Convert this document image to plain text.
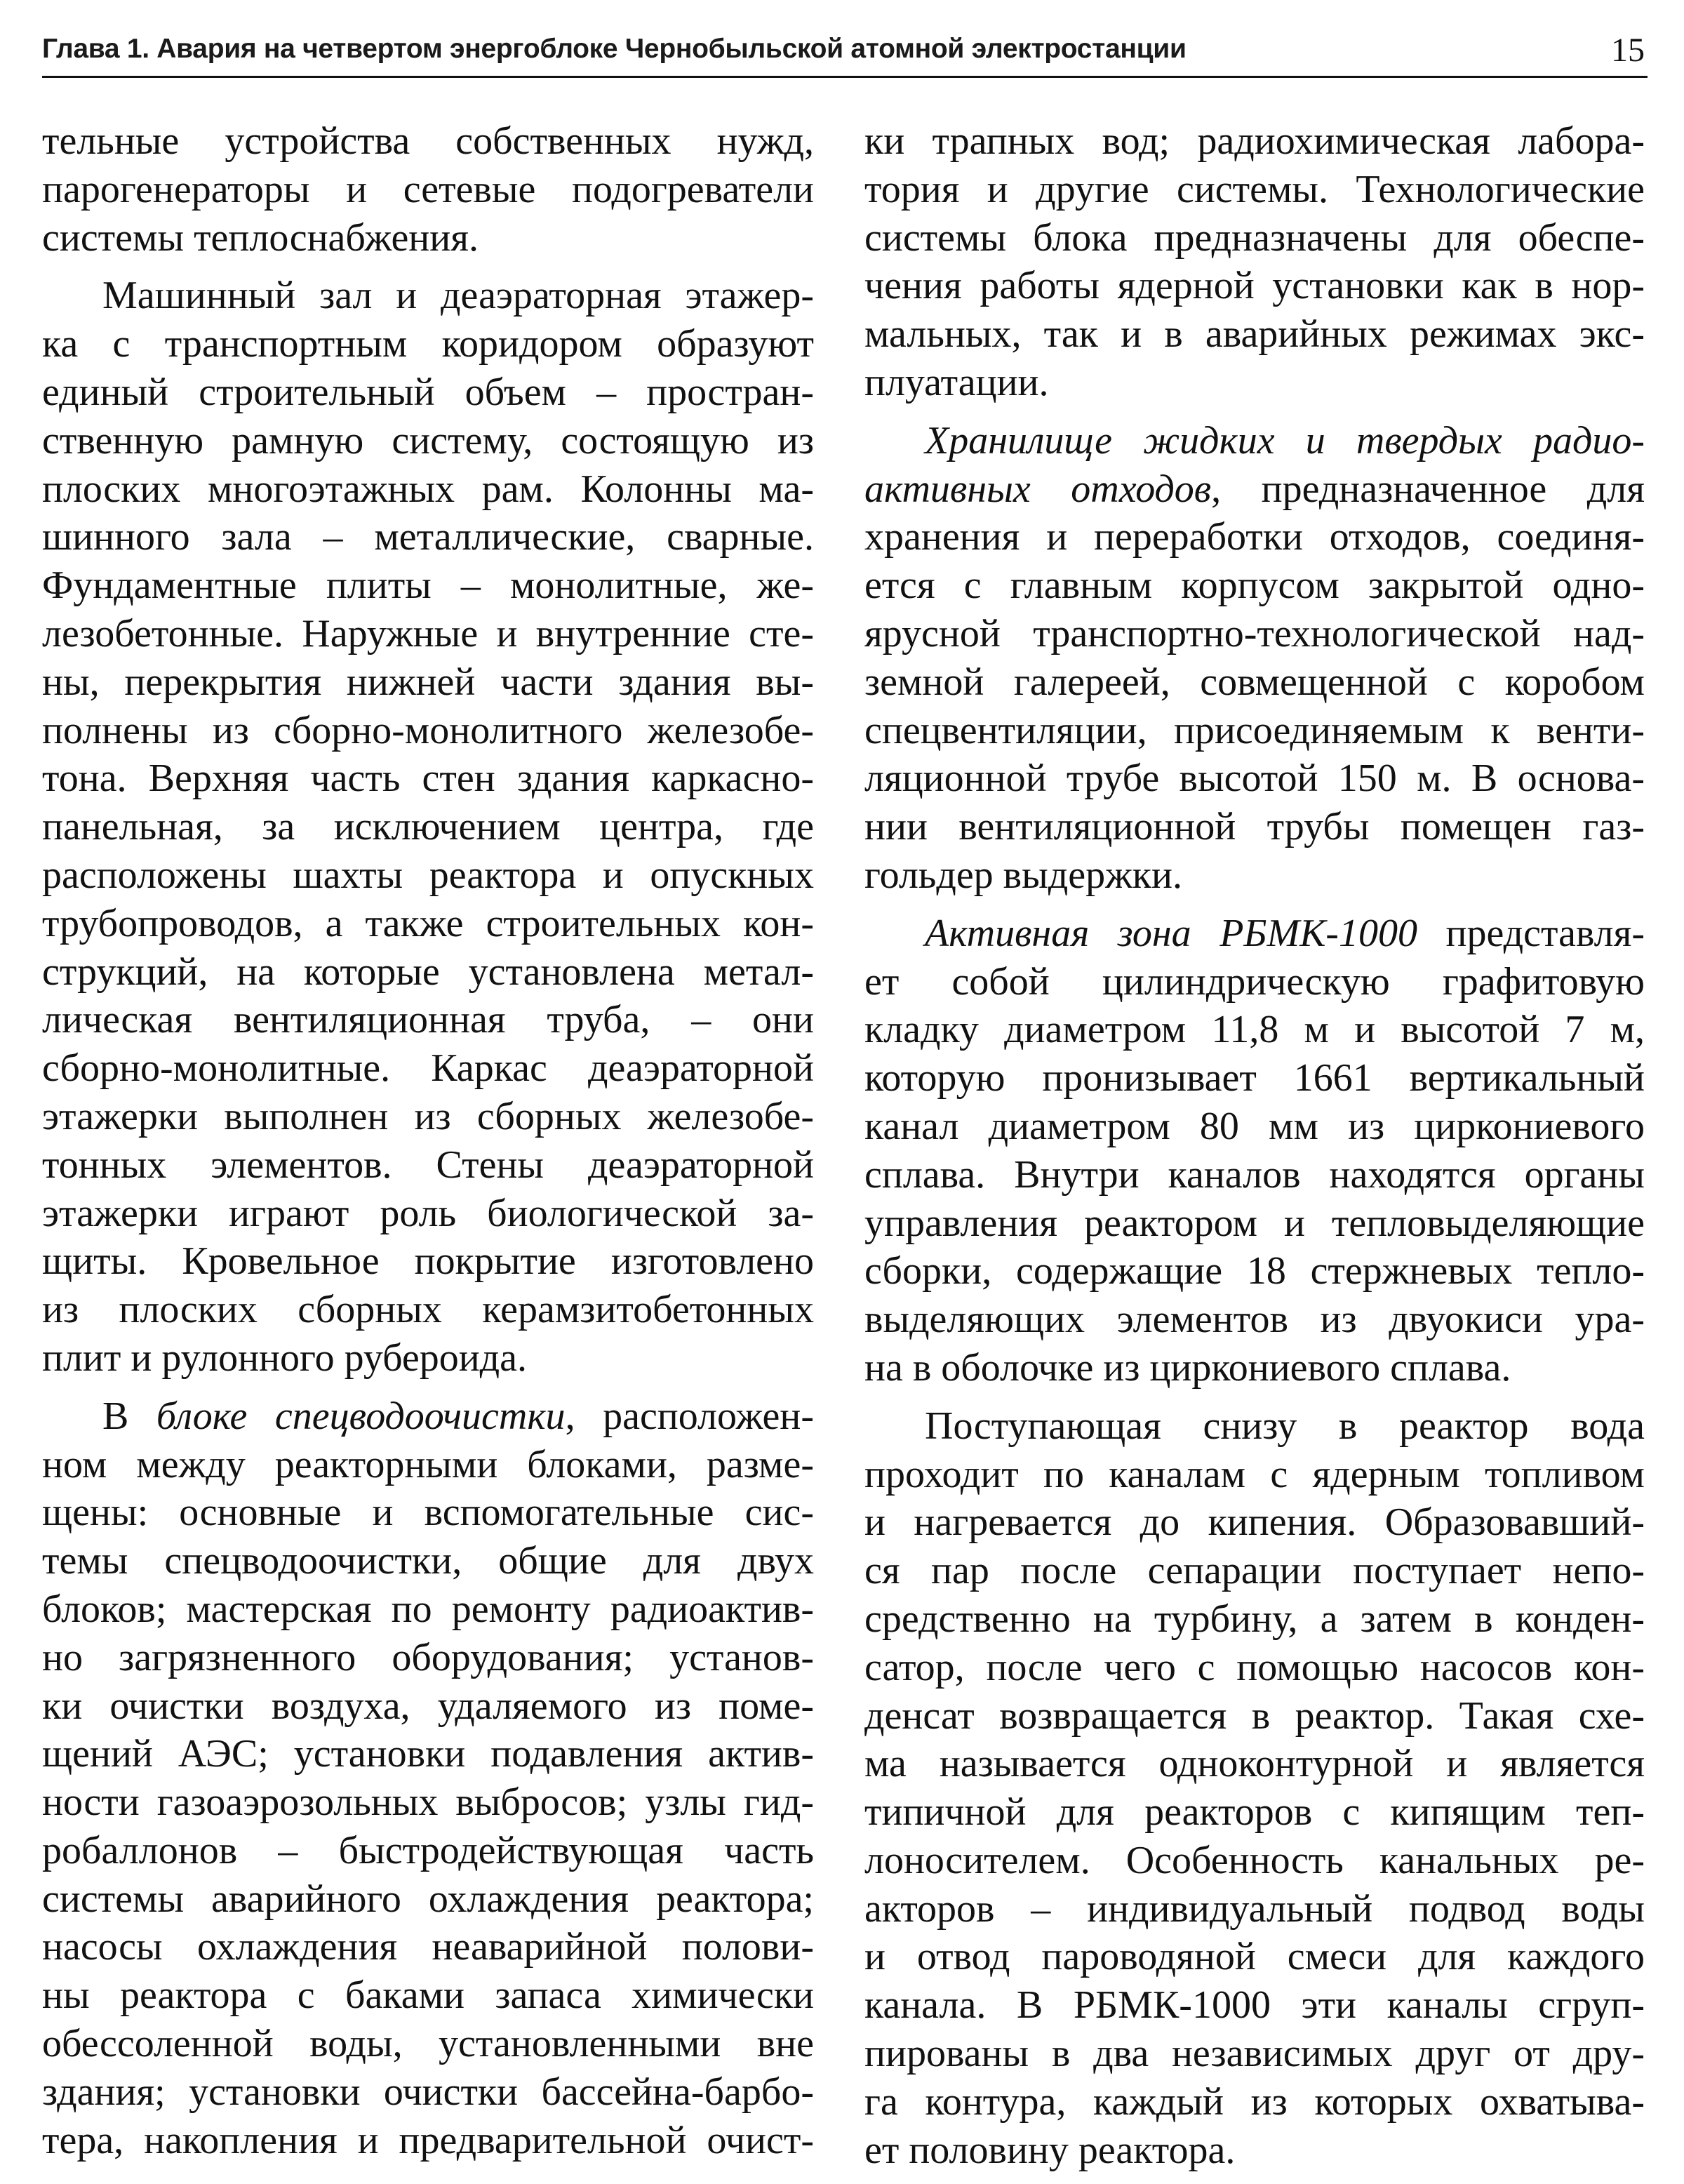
Глава 1. Авария на четвертом энергоблоке Чернобыльской атомной электростанции	15
тельные устройства собственных нужд,
парогенераторы и сетевые подогреватели
системы теплоснабжения.
Машинный зал и деаэраторная этажер-
ка с транспортным коридором образуют
единый строительный объем – простран-
ственную рамную систему, состоящую из
плоских многоэтажных рам. Колонны ма-
шинного зала – металлические, сварные.
Фундаментные плиты – монолитные, же-
лезобетонные. Наружные и внутренние сте-
ны, перекрытия нижней части здания вы-
полнены из сборно-монолитного железобе-
тона. Верхняя часть стен здания каркасно-
панельная, за исключением центра, где
расположены шахты реактора и опускных
трубопроводов, а также строительных кон-
струкций, на которые установлена метал-
лическая вентиляционная труба, – они
сборно-монолитные. Каркас деаэраторной
этажерки выполнен из сборных железобе-
тонных элементов. Стены деаэраторной
этажерки играют роль биологической за-
щиты. Кровельное покрытие изготовлено
из плоских сборных керамзитобетонных
плит и рулонного рубероида.
В блоке спецводоочистки, расположен-
ном между реакторными блоками, разме-
щены: основные и вспомогательные сис-
темы спецводоочистки, общие для двух
блоков; мастерская по ремонту радиоактив-
но загрязненного оборудования; установ-
ки очистки воздуха, удаляемого из поме-
щений АЭС; установки подавления актив-
ности газоаэрозольных выбросов; узлы гид-
робаллонов – быстродействующая часть
системы аварийного охлаждения реактора;
насосы охлаждения неаварийной полови-
ны реактора с баками запаса химически
обессоленной воды, установленными вне
здания; установки очистки бассейна-барбо-
тера, накопления и предварительной очист-
ки трапных вод; радиохимическая лабора-
тория и другие системы. Технологические
системы блока предназначены для обеспе-
чения работы ядерной установки как в нор-
мальных, так и в аварийных режимах экс-
плуатации.
Хранилище жидких и твердых радио-
активных отходов, предназначенное для
хранения и переработки отходов, соединя-
ется с главным корпусом закрытой одно-
ярусной транспортно-технологической над-
земной галереей, совмещенной с коробом
спецвентиляции, присоединяемым к венти-
ляционной трубе высотой 150 м. В основа-
нии вентиляционной трубы помещен газ-
гольдер выдержки.
Активная зона РБМК-1000 представля-
ет собой цилиндрическую графитовую
кладку диаметром 11,8 м и высотой 7 м,
которую пронизывает 1661 вертикальный
канал диаметром 80 мм из циркониевого
сплава. Внутри каналов находятся органы
управления реактором и тепловыделяющие
сборки, содержащие 18 стержневых тепло-
выделяющих элементов из двуокиси ура-
на в оболочке из циркониевого сплава.
Поступающая снизу в реактор вода
проходит по каналам с ядерным топливом
и нагревается до кипения. Образовавший-
ся пар после сепарации поступает непо-
средственно на турбину, а затем в конден-
сатор, после чего с помощью насосов кон-
денсат возвращается в реактор. Такая схе-
ма называется одноконтурной и является
типичной для реакторов с кипящим теп-
лоносителем. Особенность канальных ре-
акторов – индивидуальный подвод воды
и отвод пароводяной смеси для каждого
канала. В РБМК-1000 эти каналы сгруп-
пированы в два независимых друг от дру-
га контура, каждый из которых охватыва-
ет половину реактора.
